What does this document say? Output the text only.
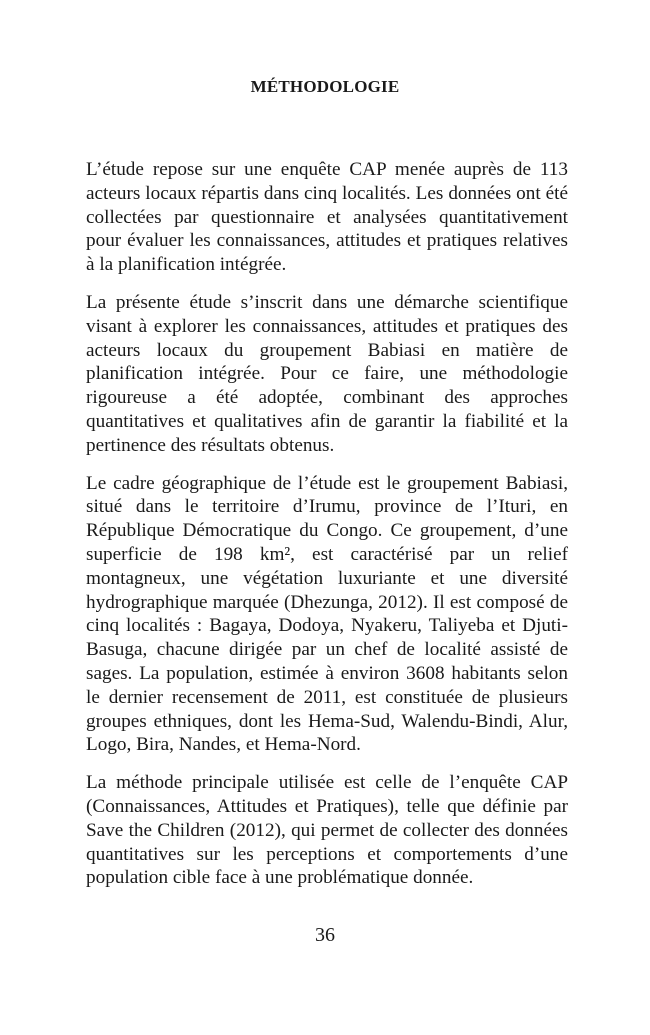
MÉTHODOLOGIE

L’étude repose sur une enquête CAP menée auprès de 113 acteurs locaux répartis dans cinq localités. Les données ont été collectées par questionnaire et analysées quantitativement pour évaluer les connaissances, attitudes et pratiques relatives à la planification intégrée.

La présente étude s’inscrit dans une démarche scientifique visant à explorer les connaissances, attitudes et pratiques des acteurs locaux du groupement Babiasi en matière de planification intégrée. Pour ce faire, une méthodologie rigoureuse a été adoptée, combinant des approches quantitatives et qualitatives afin de garantir la fiabilité et la pertinence des résultats obtenus.

Le cadre géographique de l’étude est le groupement Babiasi, situé dans le territoire d’Irumu, province de l’Ituri, en République Démocratique du Congo. Ce groupement, d’une superficie de 198 km², est caractérisé par un relief montagneux, une végétation luxuriante et une diversité hydrographique marquée (Dhezunga, 2012). Il est composé de cinq localités : Bagaya, Dodoya, Nyakeru, Taliyeba et Djuti-Basuga, chacune dirigée par un chef de localité assisté de sages. La population, estimée à environ 3608 habitants selon le dernier recensement de 2011, est constituée de plusieurs groupes ethniques, dont les Hema-Sud, Walendu-Bindi, Alur, Logo, Bira, Nandes, et Hema-Nord.

La méthode principale utilisée est celle de l’enquête CAP (Connaissances, Attitudes et Pratiques), telle que définie par Save the Children (2012), qui permet de collecter des données quantitatives sur les perceptions et comportements d’une population cible face à une problématique donnée.

36
